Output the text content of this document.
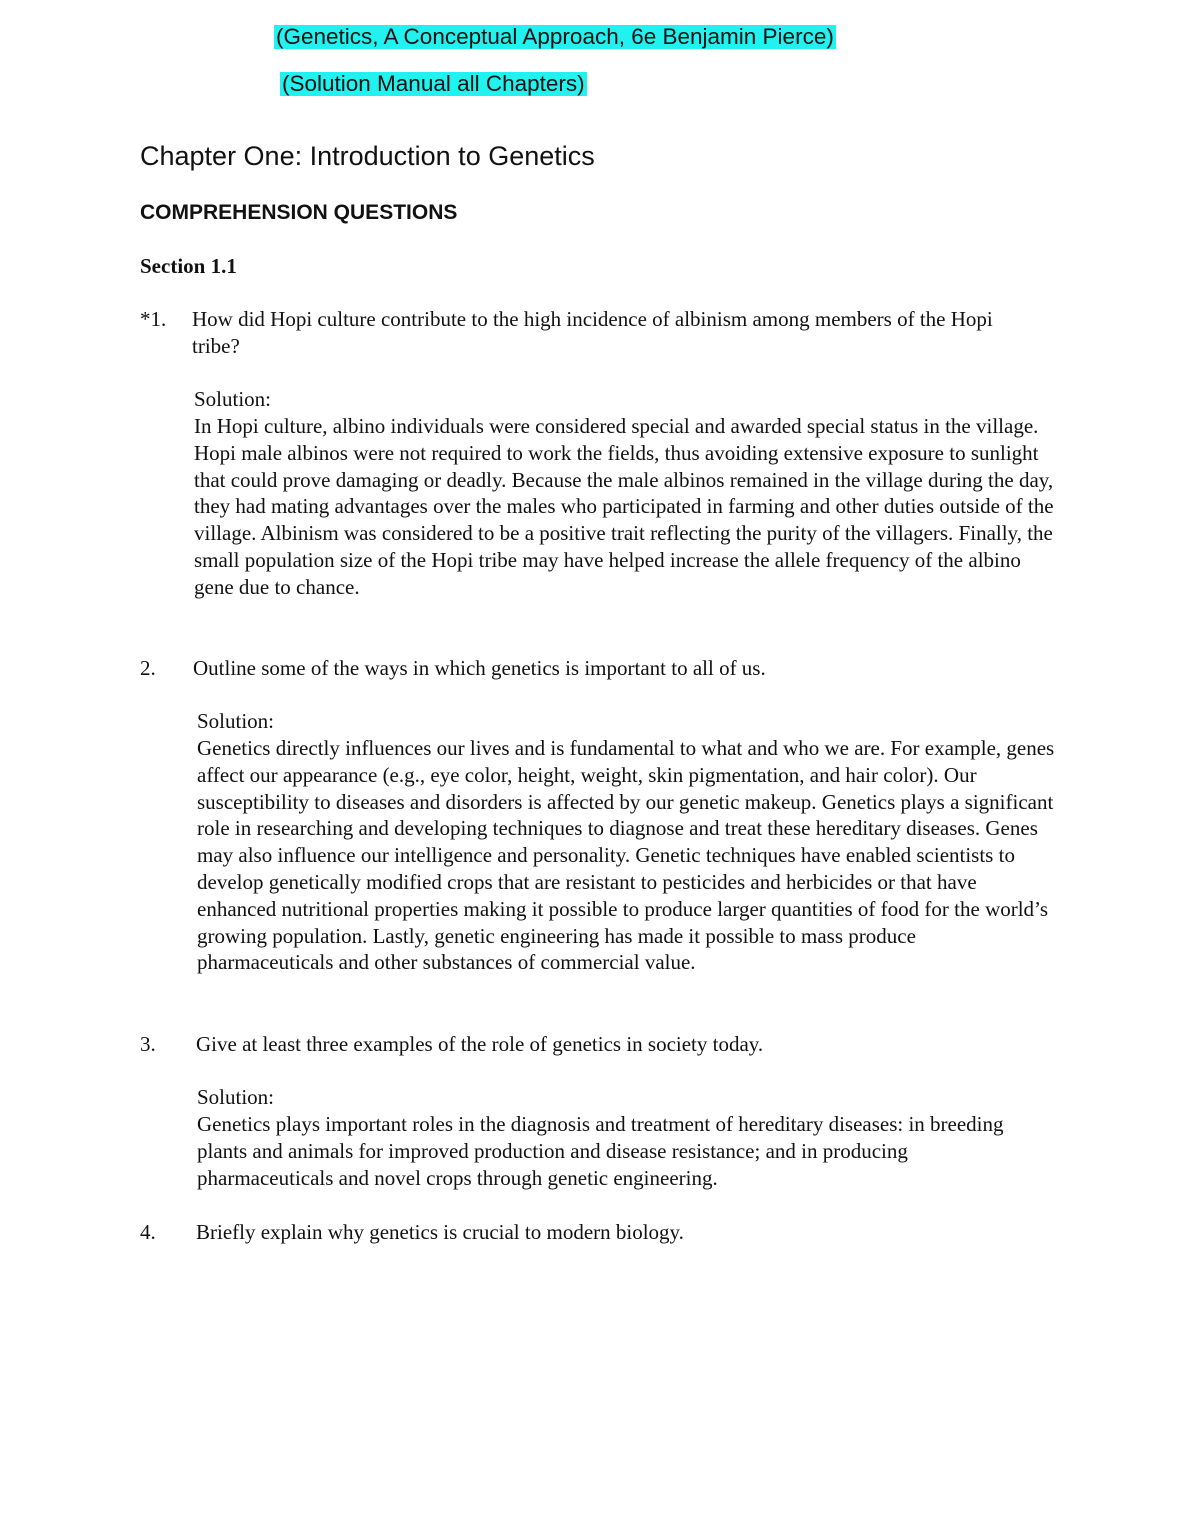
(Genetics, A Conceptual Approach, 6e Benjamin Pierce)
(Solution Manual all Chapters)
Chapter One: Introduction to Genetics
COMPREHENSION QUESTIONS
Section 1.1
*1. How did Hopi culture contribute to the high incidence of albinism among members of the Hopi tribe?
Solution:
In Hopi culture, albino individuals were considered special and awarded special status in the village. Hopi male albinos were not required to work the fields, thus avoiding extensive exposure to sunlight that could prove damaging or deadly. Because the male albinos remained in the village during the day, they had mating advantages over the males who participated in farming and other duties outside of the village. Albinism was considered to be a positive trait reflecting the purity of the villagers. Finally, the small population size of the Hopi tribe may have helped increase the allele frequency of the albino gene due to chance.
2. Outline some of the ways in which genetics is important to all of us.
Solution:
Genetics directly influences our lives and is fundamental to what and who we are. For example, genes affect our appearance (e.g., eye color, height, weight, skin pigmentation, and hair color). Our susceptibility to diseases and disorders is affected by our genetic makeup. Genetics plays a significant role in researching and developing techniques to diagnose and treat these hereditary diseases. Genes may also influence our intelligence and personality. Genetic techniques have enabled scientists to develop genetically modified crops that are resistant to pesticides and herbicides or that have enhanced nutritional properties making it possible to produce larger quantities of food for the world’s growing population. Lastly, genetic engineering has made it possible to mass produce pharmaceuticals and other substances of commercial value.
3. Give at least three examples of the role of genetics in society today.
Solution:
Genetics plays important roles in the diagnosis and treatment of hereditary diseases: in breeding plants and animals for improved production and disease resistance; and in producing pharmaceuticals and novel crops through genetic engineering.
4. Briefly explain why genetics is crucial to modern biology.
